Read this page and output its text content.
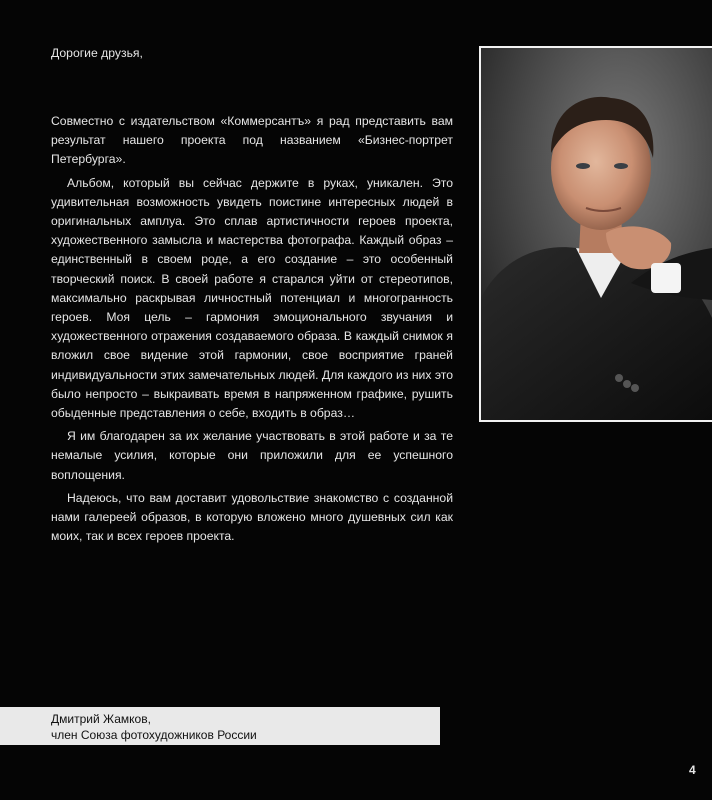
Дорогие друзья,

Совместно с издательством «Коммерсантъ» я рад представить вам результат нашего проекта под названием «Бизнес-портрет Петербурга».

Альбом, который вы сейчас держите в руках, уникален. Это удивительная возможность увидеть поистине интересных людей в оригинальных амплуа. Это сплав артистичности героев проекта, художественного замысла и мастерства фотографа. Каждый образ – единственный в своем роде, а его создание – это особенный творческий поиск. В своей работе я старался уйти от стереотипов, максимально раскрывая личностный потенциал и многогранность героев. Моя цель – гармония эмоционального звучания и художественного отражения создаваемого образа. В каждый снимок я вложил свое видение этой гармонии, свое восприятие граней индивидуальности этих замечательных людей. Для каждого из них это было непросто – выкраивать время в напряженном графике, рушить обыденные представления о себе, входить в образ…

Я им благодарен за их желание участвовать в этой работе и за те немалые усилия, которые они приложили для ее успешного воплощения.

Надеюсь, что вам доставит удовольствие знакомство с созданной нами галереей образов, в которую вложено много душевных сил как моих, так и всех героев проекта.

Дмитрий Жамков,
член Союза фотохудожников России
4
